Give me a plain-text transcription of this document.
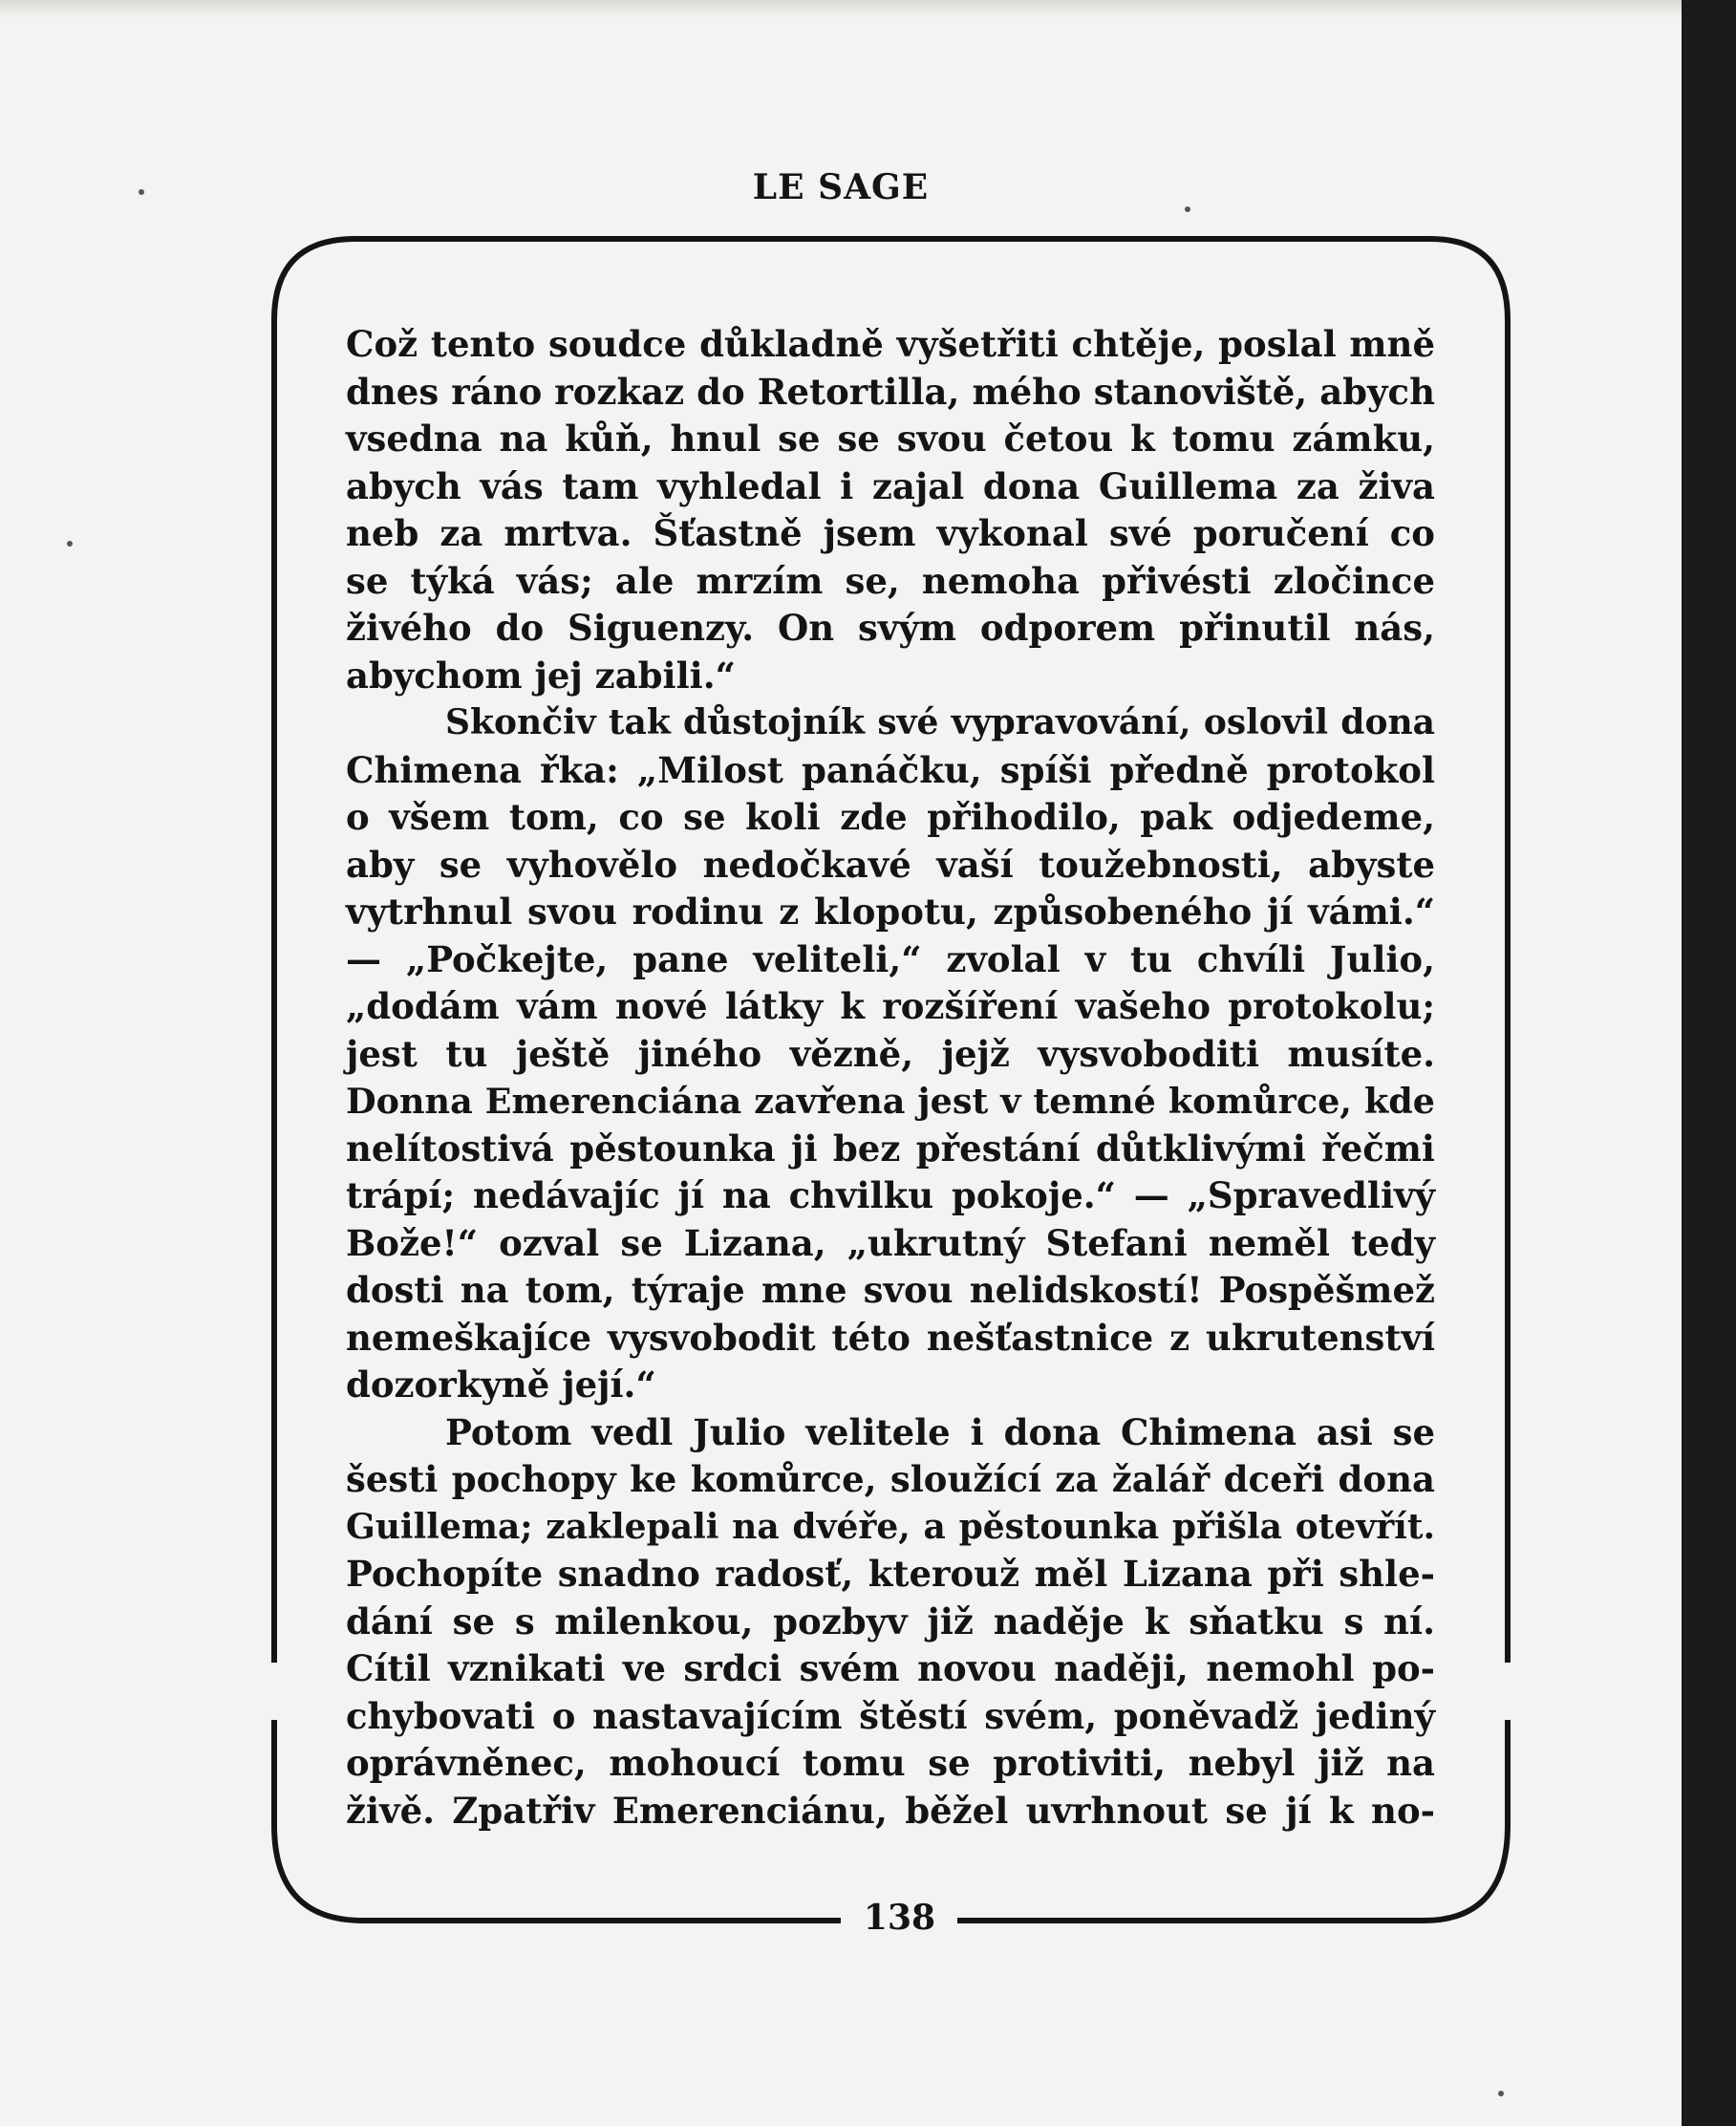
LE SAGE
Což tento soudce důkladně vyšetřiti chtěje, poslal mně
dnes ráno rozkaz do Retortilla, mého stanoviště, abych
vsedna na kůň, hnul se se svou četou k tomu zámku,
abych vás tam vyhledal i zajal dona Guillema za živa
neb za mrtva. Šťastně jsem vykonal své poručení co
se týká vás; ale mrzím se, nemoha přivésti zločince
živého do Siguenzy. On svým odporem přinutil nás,
abychom jej zabili.“
Skončiv tak důstojník své vypravování, oslovil dona
Chimena řka: „Milost panáčku, spíši předně protokol
o všem tom, co se koli zde přihodilo, pak odjedeme,
aby se vyhovělo nedočkavé vaší toužebnosti, abyste
vytrhnul svou rodinu z klopotu, způsobeného jí vámi.“
— „Počkejte, pane veliteli,“ zvolal v tu chvíli Julio,
„dodám vám nové látky k rozšíření vašeho protokolu;
jest tu ještě jiného vězně, jejž vysvoboditi musíte.
Donna Emerenciána zavřena jest v temné komůrce, kde
nelítostivá pěstounka ji bez přestání důtklivými řečmi
trápí; nedávajíc jí na chvilku pokoje.“ — „Spravedlivý
Bože!“ ozval se Lizana, „ukrutný Stefani neměl tedy
dosti na tom, týraje mne svou nelidskostí! Pospěšmež
nemeškajíce vysvobodit této nešťastnice z ukrutenství
dozorkyně její.“
Potom vedl Julio velitele i dona Chimena asi se
šesti pochopy ke komůrce, sloužící za žalář dceři dona
Guillema; zaklepali na dvéře, a pěstounka přišla otevřít.
Pochopíte snadno radosť, kterouž měl Lizana při shle-
dání se s milenkou, pozbyv již naděje k sňatku s ní.
Cítil vznikati ve srdci svém novou naději, nemohl po-
chybovati o nastavajícím štěstí svém, poněvadž jediný
oprávněnec, mohoucí tomu se protiviti, nebyl již na
živě. Zpatřiv Emerenciánu, běžel uvrhnout se jí k no-
138
